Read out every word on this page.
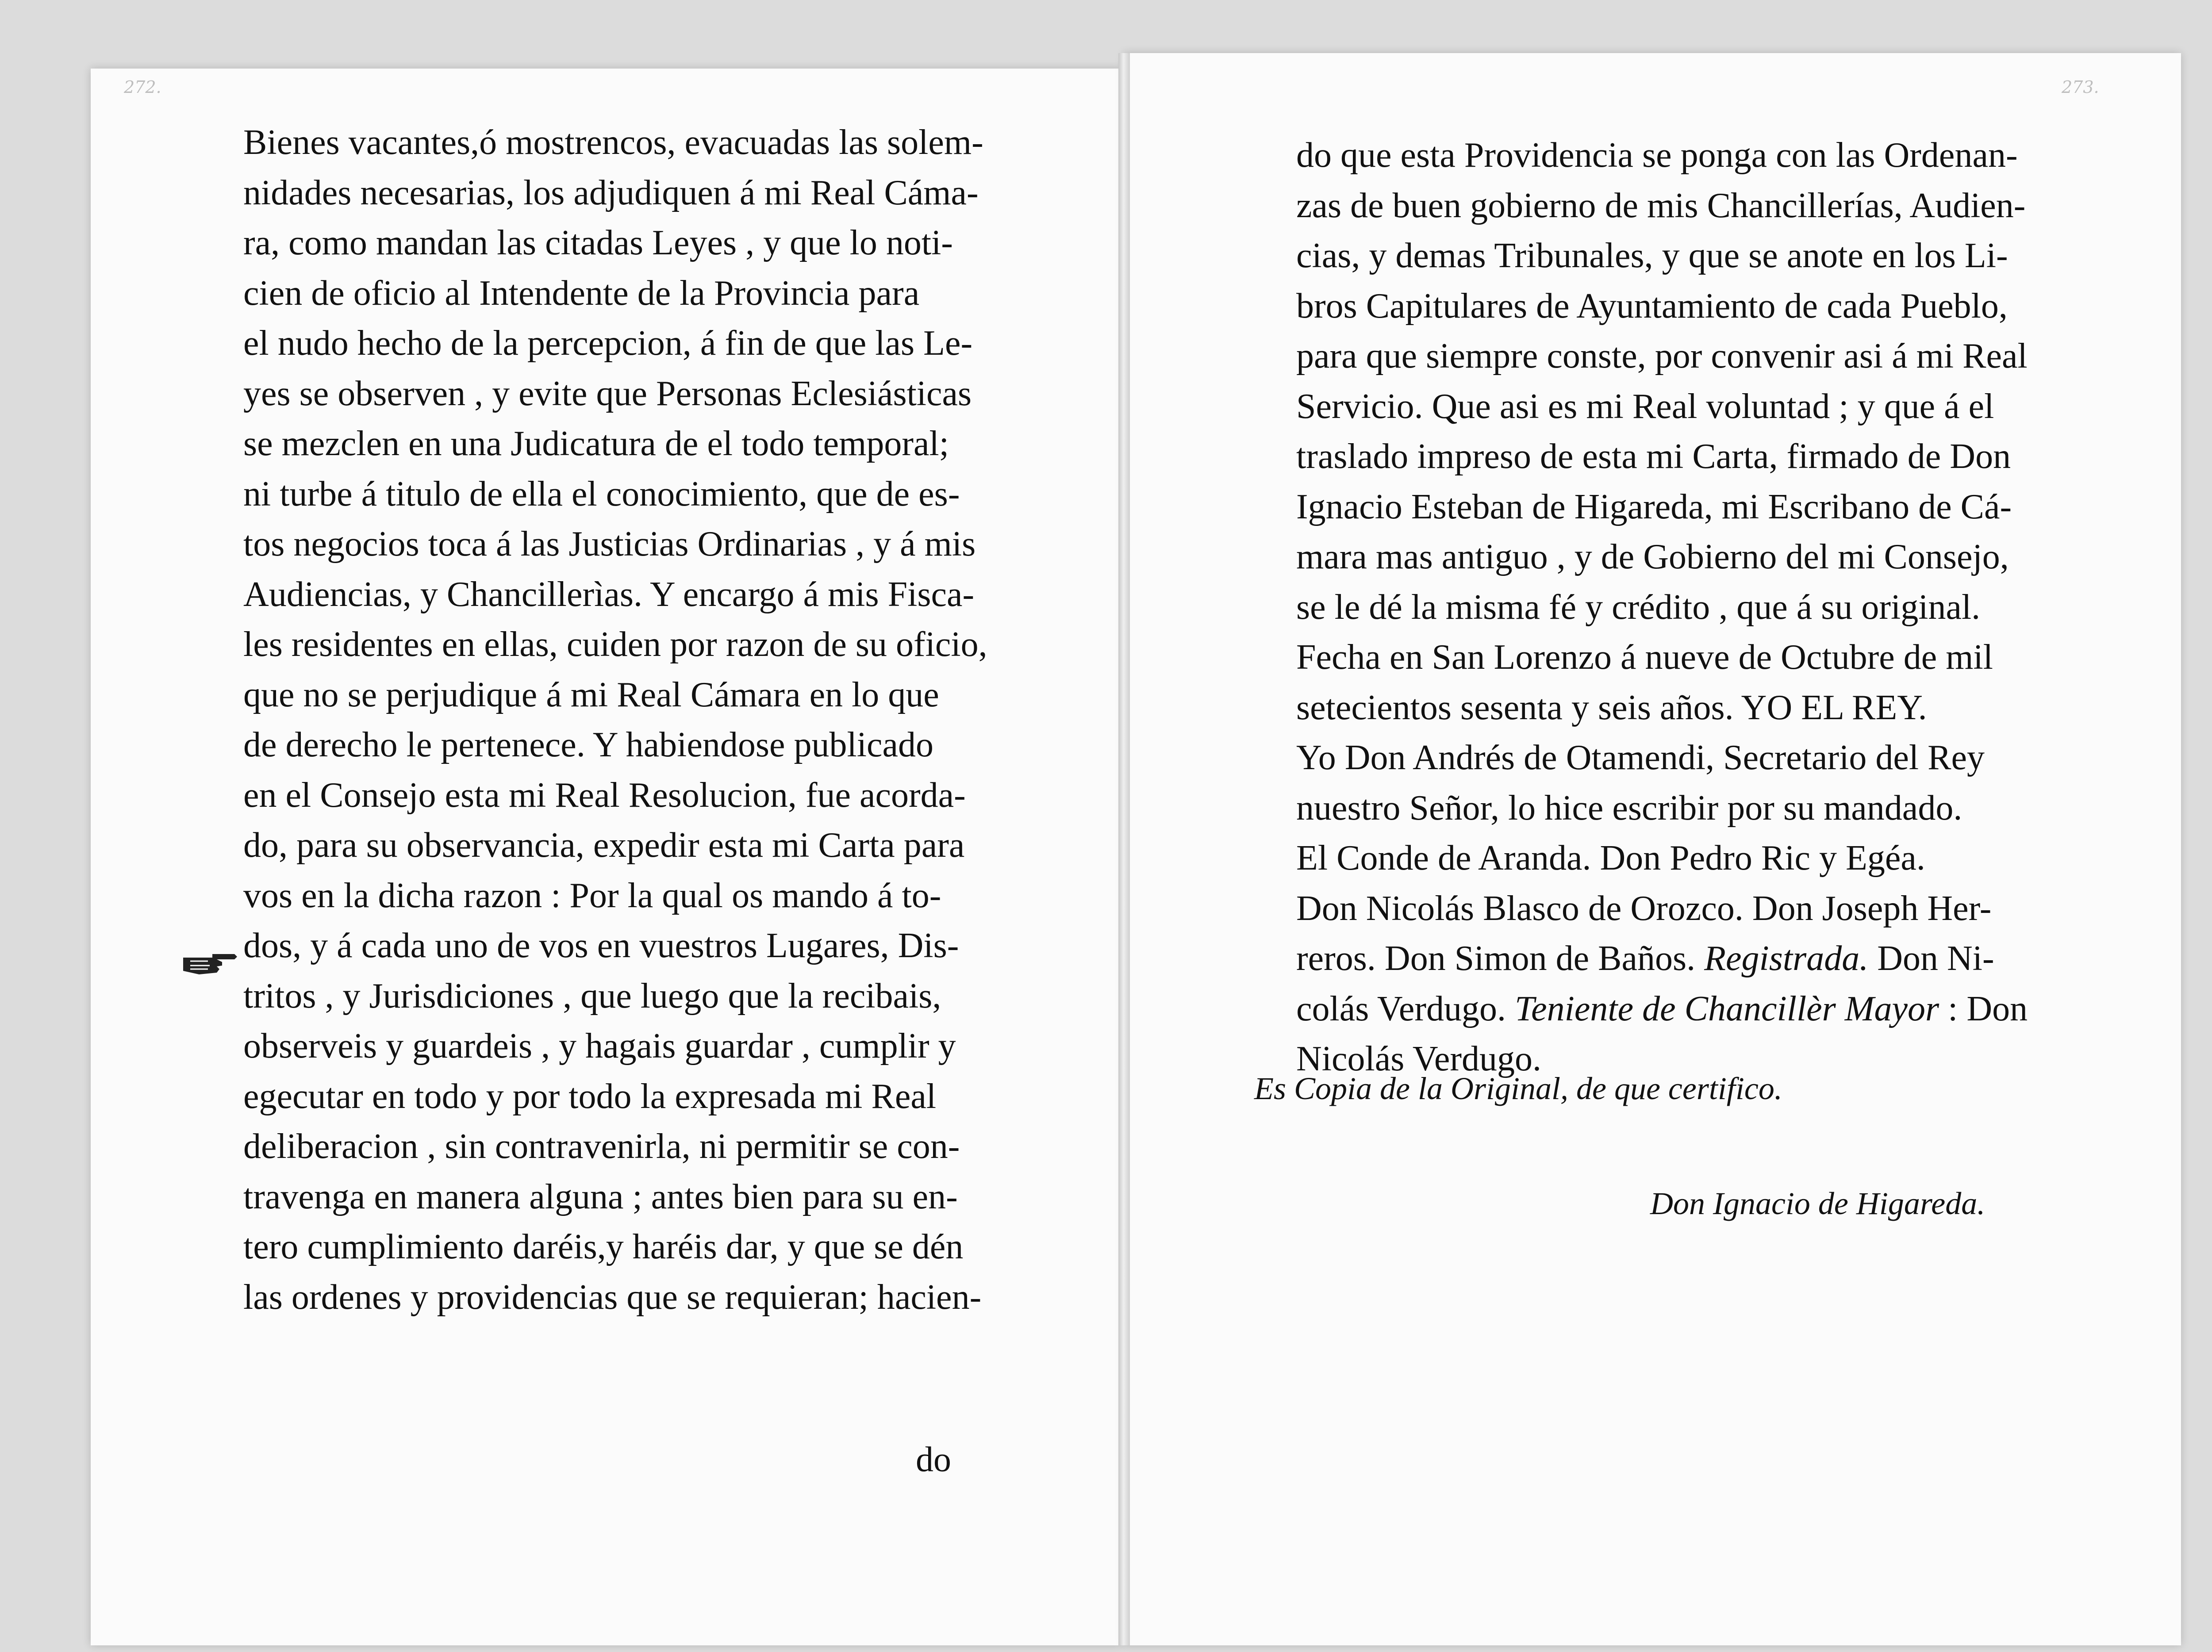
272.	273.
Bienes vacantes,ó mostrencos, evacuadas las solem-
nidades necesarias, los adjudiquen á mi Real Cáma-
ra, como mandan las citadas Leyes , y que lo noti-
cien de oficio al Intendente de la Provincia para
el nudo hecho de la percepcion, á fin de que las Le-
yes se observen , y evite que Personas Eclesiásticas
se mezclen en una Judicatura de el todo temporal;
ni turbe á titulo de ella el conocimiento, que de es-
tos negocios toca á las Justicias Ordinarias , y á mis
Audiencias, y Chancillerìas. Y encargo á mis Fisca-
les residentes en ellas, cuiden por razon de su oficio,
que no se perjudique á mi Real Cámara en lo que
de derecho le pertenece. Y habiendose publicado
en el Consejo esta mi Real Resolucion, fue acorda-
do, para su observancia, expedir esta mi Carta para
vos en la dicha razon : Por la qual os mando á to-
dos, y á cada uno de vos en vuestros Lugares, Dis-
tritos , y Jurisdiciones , que luego que la recibais,
observeis y guardeis , y hagais guardar , cumplir y
egecutar en todo y por todo la expresada mi Real
deliberacion , sin contravenirla, ni permitir se con-
travenga en manera alguna ; antes bien para su en-
tero cumplimiento daréis,y haréis dar, y que se dén
las ordenes y providencias que se requieran; hacien-
do
do que esta Providencia se ponga con las Ordenan-
zas de buen gobierno de mis Chancillerías, Audien-
cias, y demas Tribunales, y que se anote en los Li-
bros Capitulares de Ayuntamiento de cada Pueblo,
para que siempre conste, por convenir asi á mi Real
Servicio. Que asi es mi Real voluntad ; y que á el
traslado impreso de esta mi Carta, firmado de Don
Ignacio Esteban de Higareda, mi Escribano de Cá-
mara mas antiguo , y de Gobierno del mi Consejo,
se le dé la misma fé y crédito , que á su original.
Fecha en San Lorenzo á nueve de Octubre de mil
setecientos sesenta y seis años. YO EL REY.
Yo Don Andrés de Otamendi, Secretario del Rey
nuestro Señor, lo hice escribir por su mandado.
El Conde de Aranda. Don Pedro Ric y Egéa.
Don Nicolás Blasco de Orozco. Don Joseph Her-
reros. Don Simon de Baños. Registrada. Don Ni-
colás Verdugo. Teniente de Chancillèr Mayor : Don
Nicolás Verdugo.
Es Copia de la Original, de que certifico.
Don Ignacio de Higareda.
